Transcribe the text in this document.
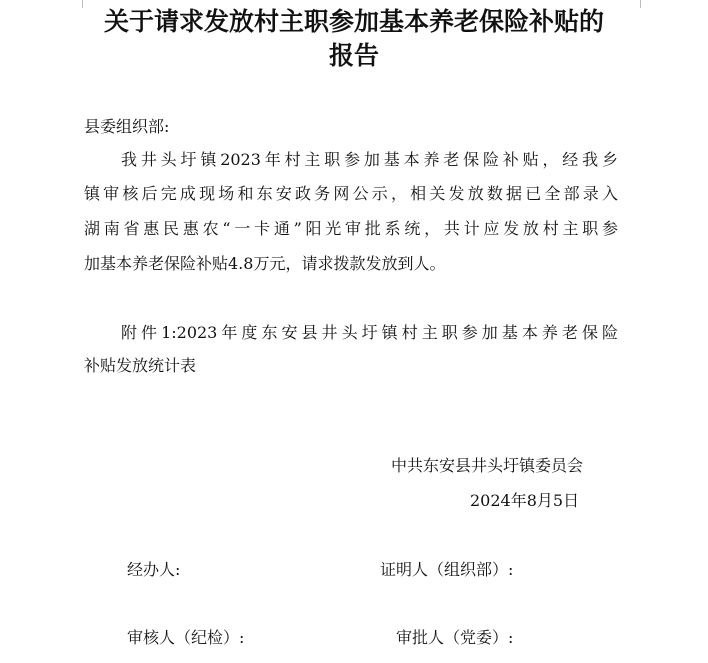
关于请求发放村主职参加基本养老保险补贴的
报告

县委组织部:

我井头圩镇2023年村主职参加基本养老保险补贴，经我乡

镇审核后完成现场和东安政务网公示，相关发放数据已全部录入

湖南省惠民惠农“一卡通”阳光审批系统，共计应发放村主职参

加基本养老保险补贴4.8万元，请求拨款发放到人。

附件1:2023年度东安县井头圩镇村主职参加基本养老保险

补贴发放统计表

中共东安县井头圩镇委员会

2024年8月5日

经办人:	证明人（组织部）:

审核人（纪检）:	审批人（党委）:
